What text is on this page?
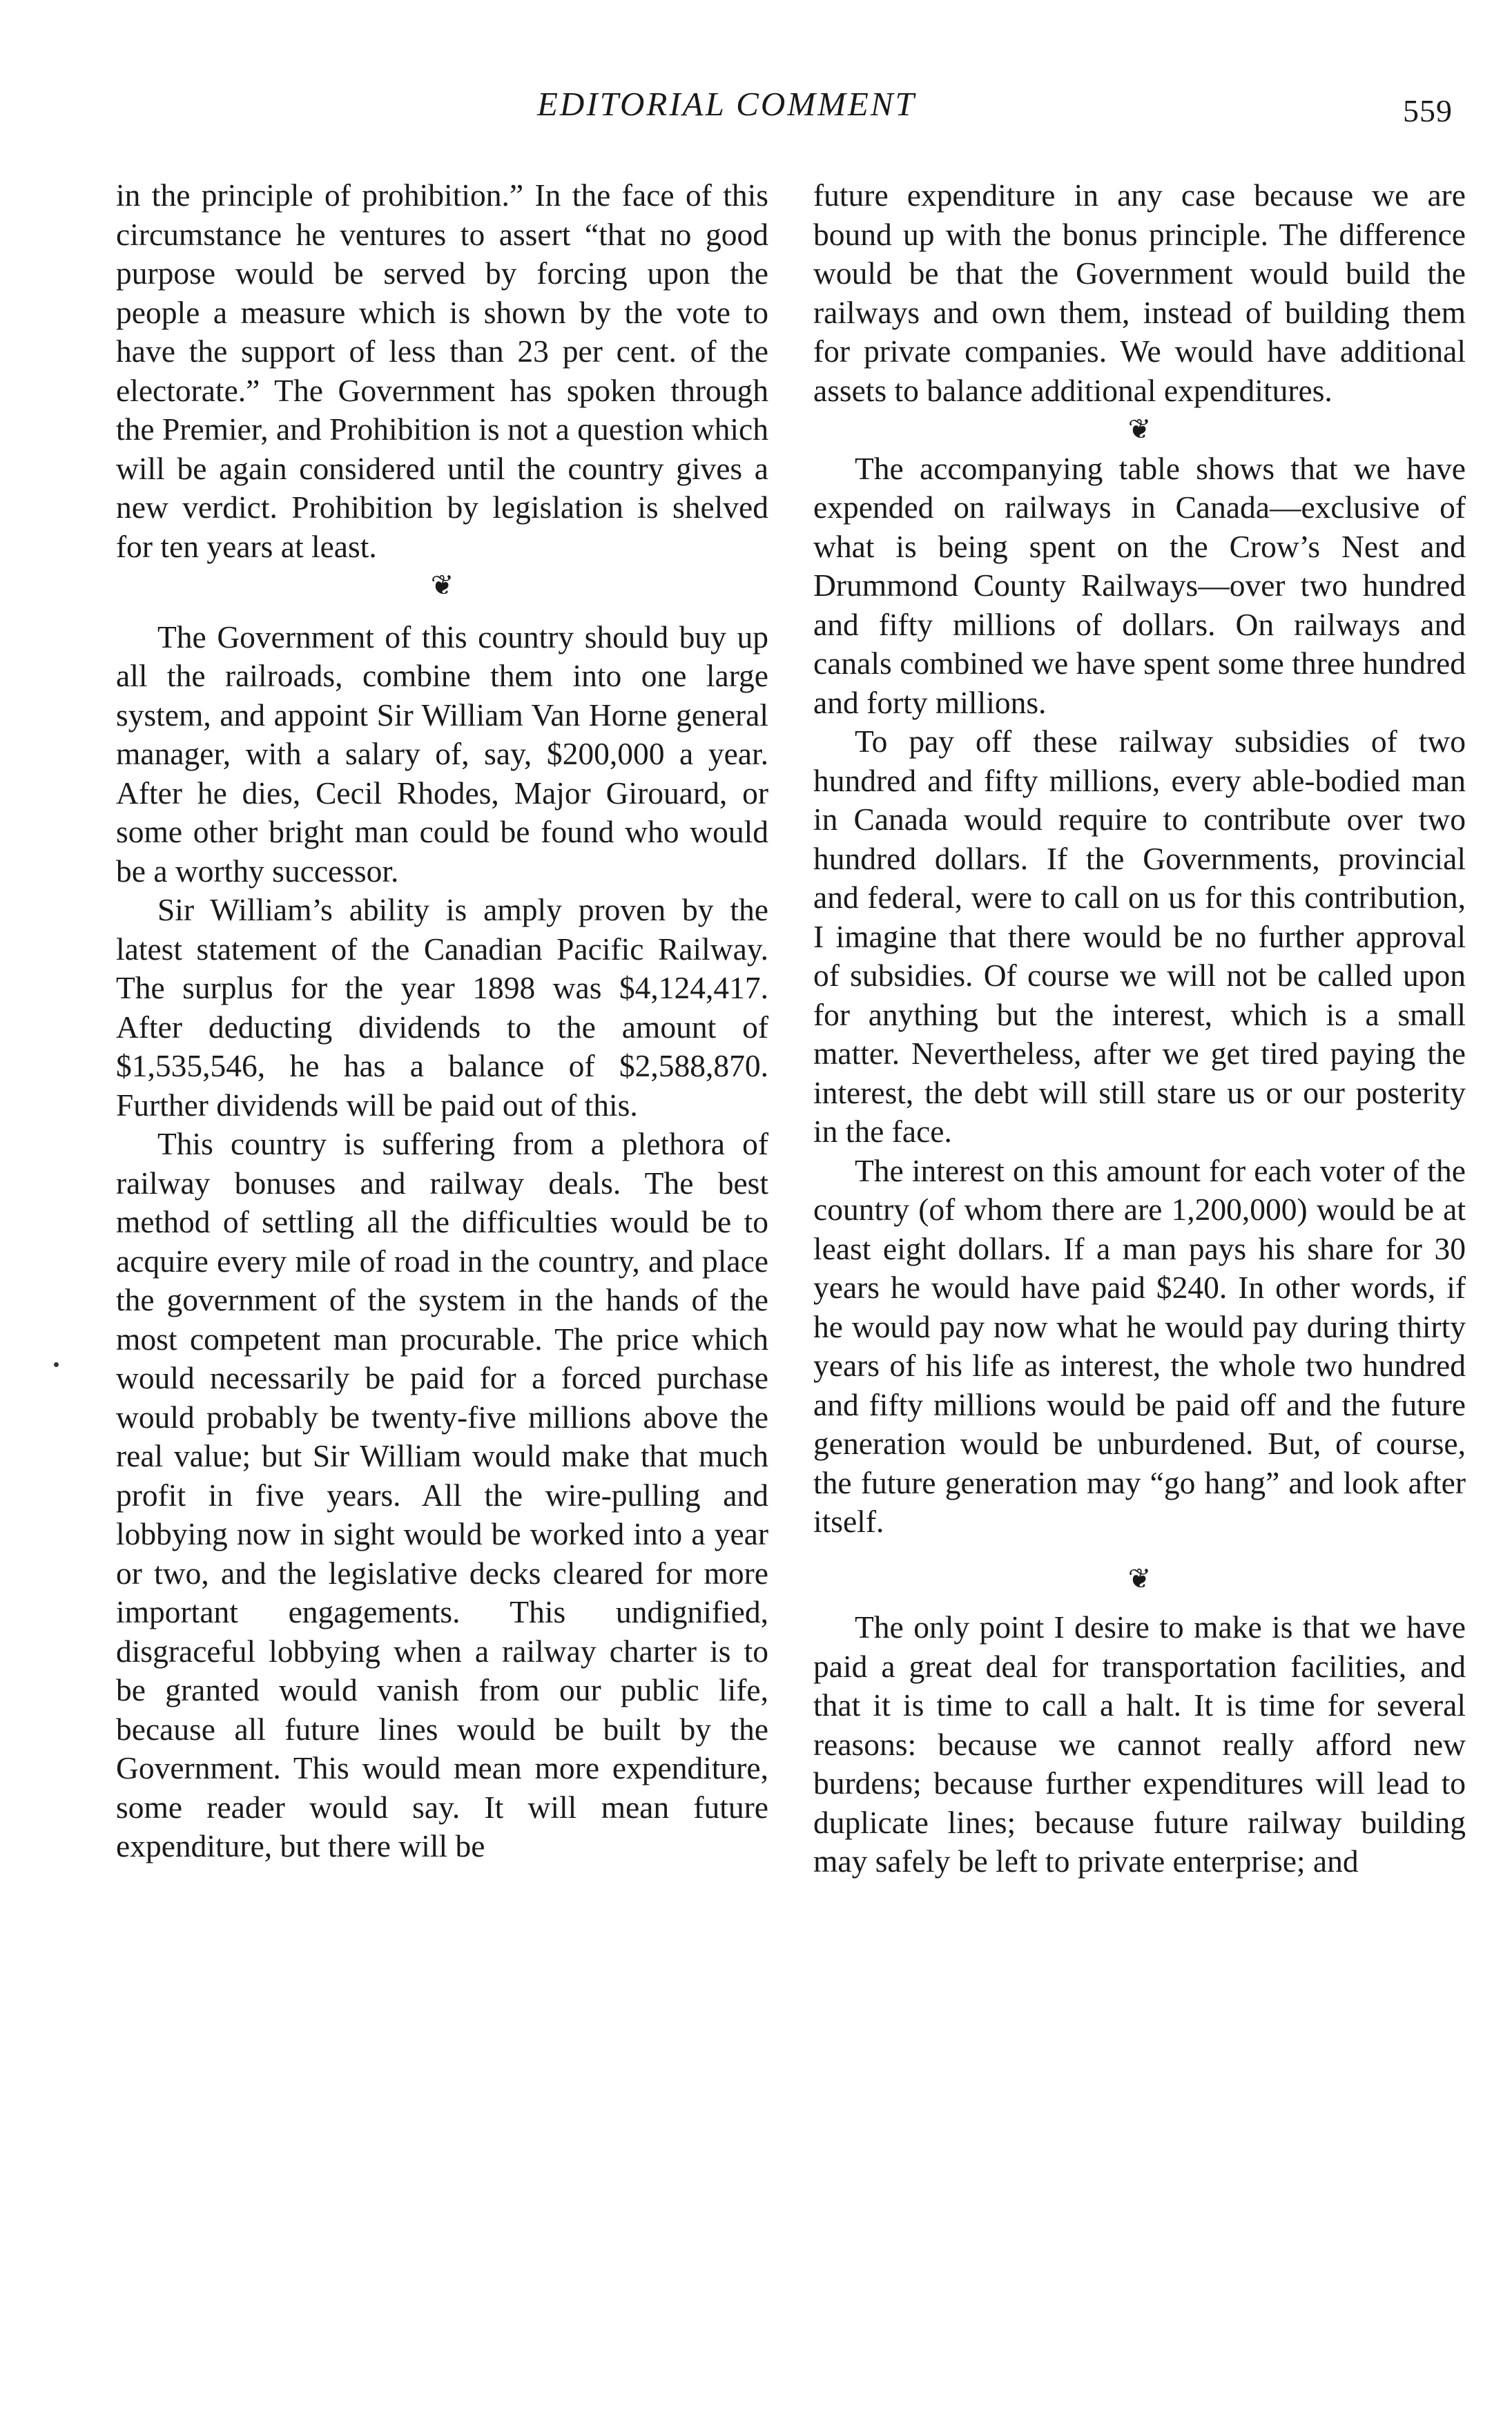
EDITORIAL COMMENT	559

in the principle of prohibition.” In the face of this circumstance he ventures to assert “that no good purpose would be served by forcing upon the people a measure which is shown by the vote to have the support of less than 23 per cent. of the electorate.” The Government has spoken through the Premier, and Prohibition is not a question which will be again considered until the country gives a new verdict. Prohibition by legislation is shelved for ten years at least.

❦

The Government of this country should buy up all the railroads, combine them into one large system, and appoint Sir William Van Horne general manager, with a salary of, say, $200,000 a year. After he dies, Cecil Rhodes, Major Girouard, or some other bright man could be found who would be a worthy successor.

Sir William’s ability is amply proven by the latest statement of the Canadian Pacific Railway. The surplus for the year 1898 was $4,124,417. After deducting dividends to the amount of $1,535,546, he has a balance of $2,588,870. Further dividends will be paid out of this.

This country is suffering from a plethora of railway bonuses and railway deals. The best method of settling all the difficulties would be to acquire every mile of road in the country, and place the government of the system in the hands of the most competent man procurable. The price which would necessarily be paid for a forced purchase would probably be twenty-five millions above the real value; but Sir William would make that much profit in five years. All the wire-pulling and lobbying now in sight would be worked into a year or two, and the legislative decks cleared for more important engagements. This undignified, disgraceful lobbying when a railway charter is to be granted would vanish from our public life, because all future lines would be built by the Government. This would mean more expenditure, some reader would say. It will mean future expenditure, but there will be

future expenditure in any case because we are bound up with the bonus principle. The difference would be that the Government would build the railways and own them, instead of building them for private companies. We would have additional assets to balance additional expenditures.

❦

The accompanying table shows that we have expended on railways in Canada—exclusive of what is being spent on the Crow’s Nest and Drummond County Railways—over two hundred and fifty millions of dollars. On railways and canals combined we have spent some three hundred and forty millions.

To pay off these railway subsidies of two hundred and fifty millions, every able-bodied man in Canada would require to contribute over two hundred dollars. If the Governments, provincial and federal, were to call on us for this contribution, I imagine that there would be no further approval of subsidies. Of course we will not be called upon for anything but the interest, which is a small matter. Nevertheless, after we get tired paying the interest, the debt will still stare us or our posterity in the face.

The interest on this amount for each voter of the country (of whom there are 1,200,000) would be at least eight dollars. If a man pays his share for 30 years he would have paid $240. In other words, if he would pay now what he would pay during thirty years of his life as interest, the whole two hundred and fifty millions would be paid off and the future generation would be unburdened. But, of course, the future generation may “go hang” and look after itself.

❦

The only point I desire to make is that we have paid a great deal for transportation facilities, and that it is time to call a halt. It is time for several reasons: because we cannot really afford new burdens; because further expenditures will lead to duplicate lines; because future railway building may safely be left to private enterprise; and
